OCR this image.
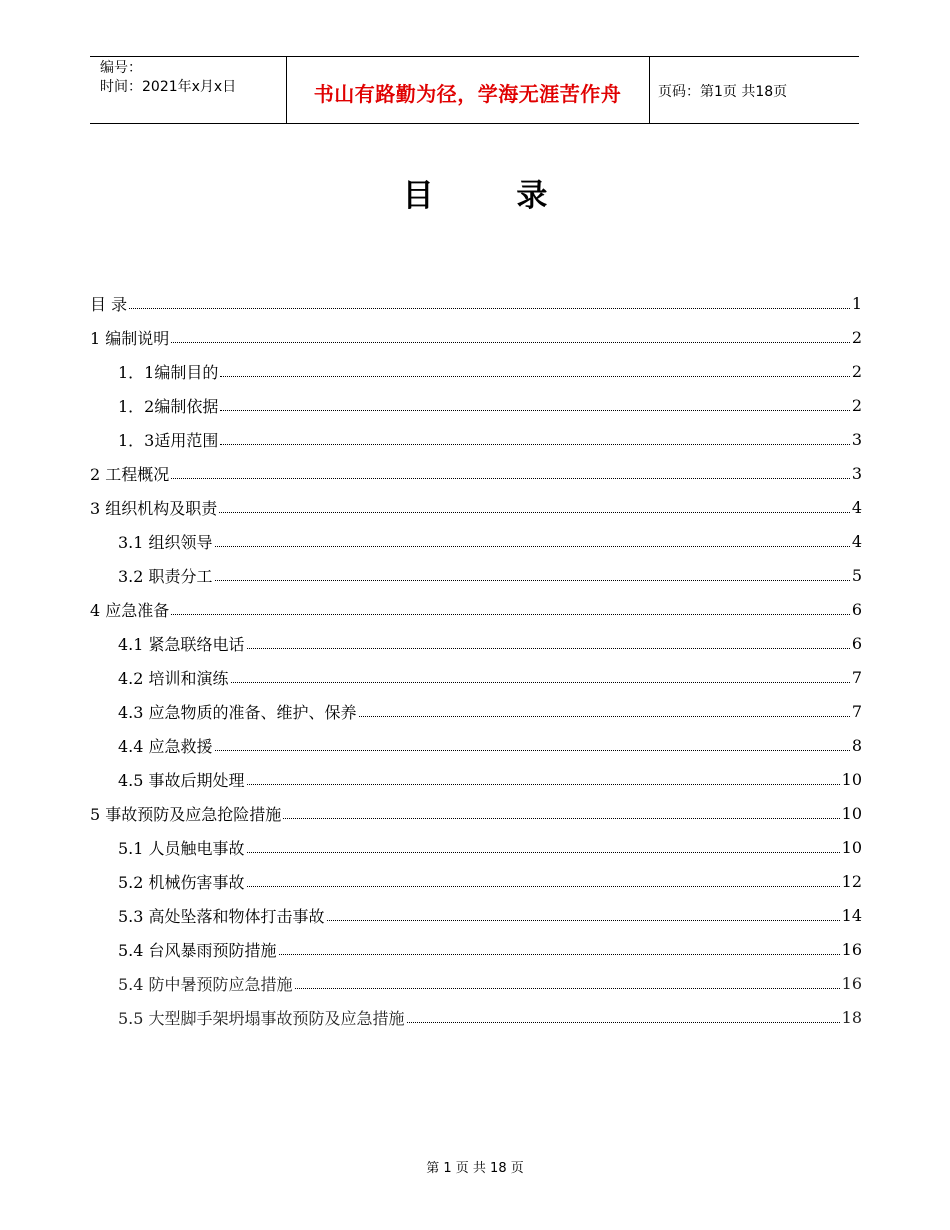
编号：
时间：2021年x月x日	书山有路勤为径，学海无涯苦作舟	页码：第1页 共18页
目 录
目 录	1
1 编制说明	2
1．1编制目的	2
1．2编制依据	2
1．3适用范围	3
2 工程概况	3
3 组织机构及职责	4
3.1 组织领导	4
3.2 职责分工	5
4 应急准备	6
4.1 紧急联络电话	6
4.2 培训和演练	7
4.3 应急物质的准备、维护、保养	7
4.4 应急救援	8
4.5 事故后期处理	10
5 事故预防及应急抢险措施	10
5.1 人员触电事故	10
5.2 机械伤害事故	12
5.3 高处坠落和物体打击事故	14
5.4 台风暴雨预防措施	16
5.4 防中暑预防应急措施	16
5.5 大型脚手架坍塌事故预防及应急措施	18
第 1 页 共 18 页
